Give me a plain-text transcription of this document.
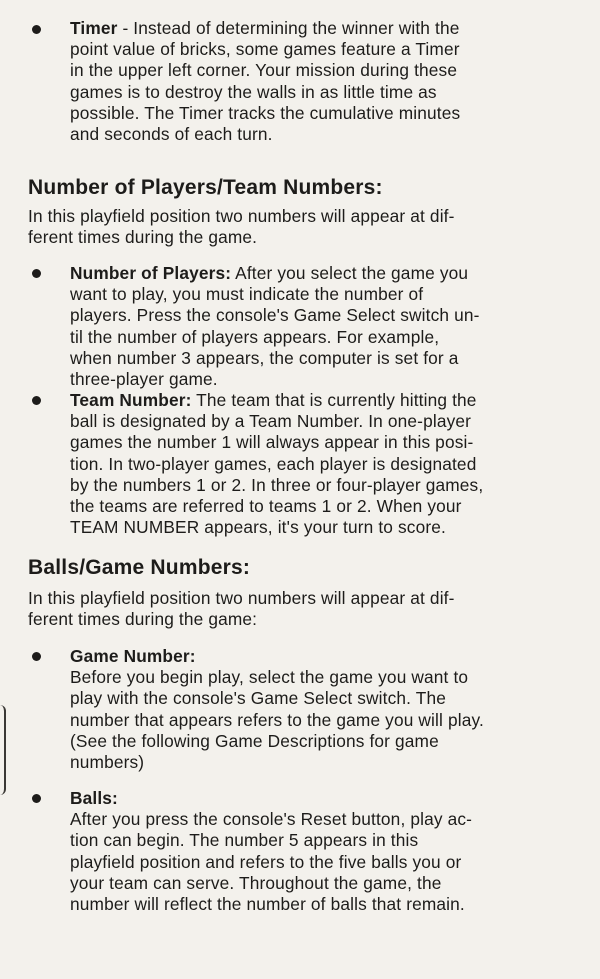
Timer - Instead of determining the winner with the
point value of bricks, some games feature a Timer
in the upper left corner. Your mission during these
games is to destroy the walls in as little time as
possible. The Timer tracks the cumulative minutes
and seconds of each turn.
Number of Players/Team Numbers:
In this playfield position two numbers will appear at dif-
ferent times during the game.
Number of Players: After you select the game you
want to play, you must indicate the number of
players. Press the console's Game Select switch un-
til the number of players appears. For example,
when number 3 appears, the computer is set for a
three-player game.
Team Number: The team that is currently hitting the
ball is designated by a Team Number. In one-player
games the number 1 will always appear in this posi-
tion. In two-player games, each player is designated
by the numbers 1 or 2. In three or four-player games,
the teams are referred to teams 1 or 2. When your
TEAM NUMBER appears, it's your turn to score.
Balls/Game Numbers:
In this playfield position two numbers will appear at dif-
ferent times during the game:
Game Number:
Before you begin play, select the game you want to
play with the console's Game Select switch. The
number that appears refers to the game you will play.
(See the following Game Descriptions for game
numbers)
Balls:
After you press the console's Reset button, play ac-
tion can begin. The number 5 appears in this
playfield position and refers to the five balls you or
your team can serve. Throughout the game, the
number will reflect the number of balls that remain.
